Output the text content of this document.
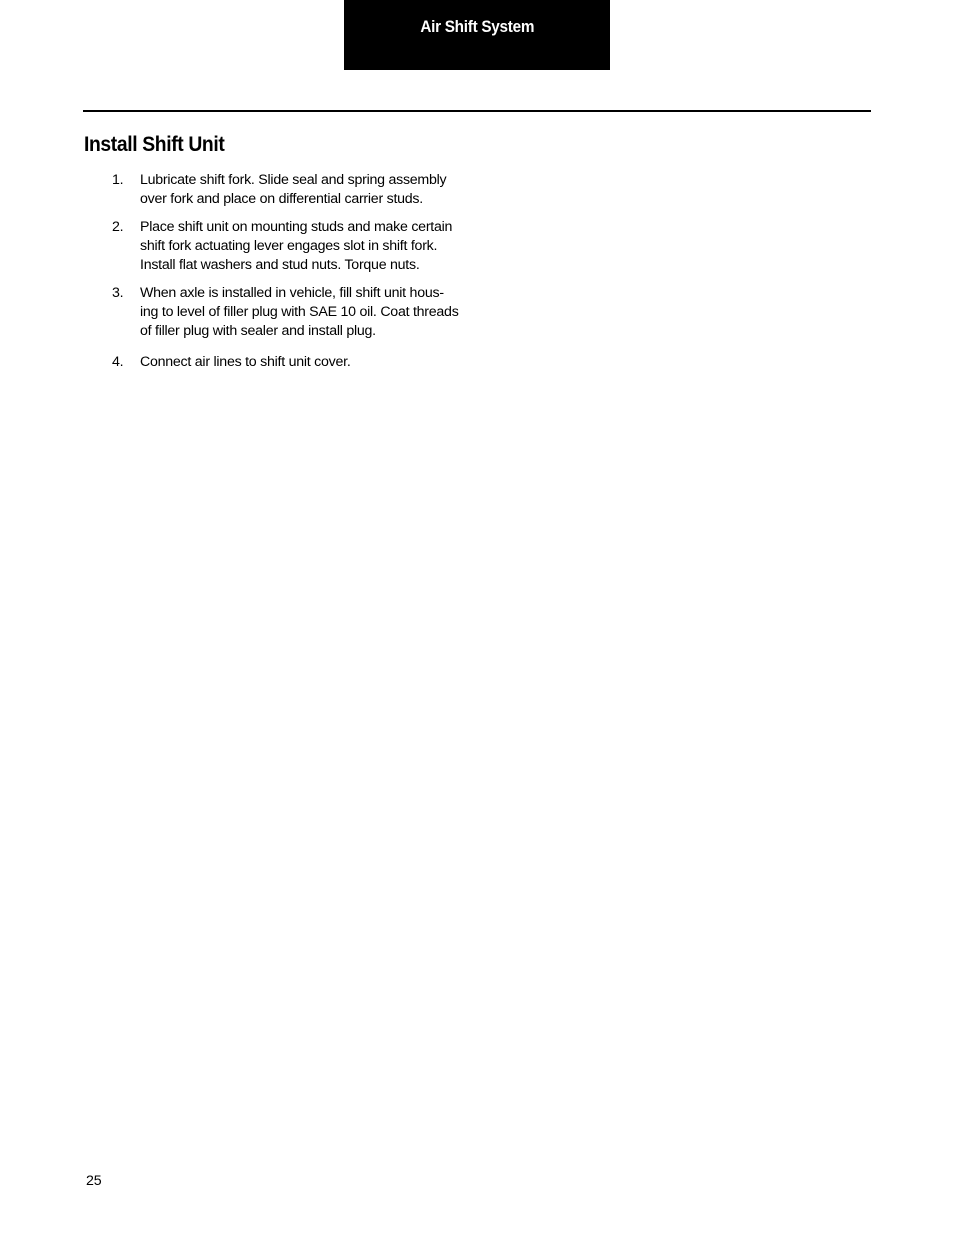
Air Shift System
Install Shift Unit
1. Lubricate shift fork. Slide seal and spring assembly
over fork and place on differential carrier studs.
2. Place shift unit on mounting studs and make certain
shift fork actuating lever engages slot in shift fork.
Install flat washers and stud nuts. Torque nuts.
3. When axle is installed in vehicle, fill shift unit hous-
ing to level of filler plug with SAE 10 oil. Coat threads
of filler plug with sealer and install plug.
4. Connect air lines to shift unit cover.
25
